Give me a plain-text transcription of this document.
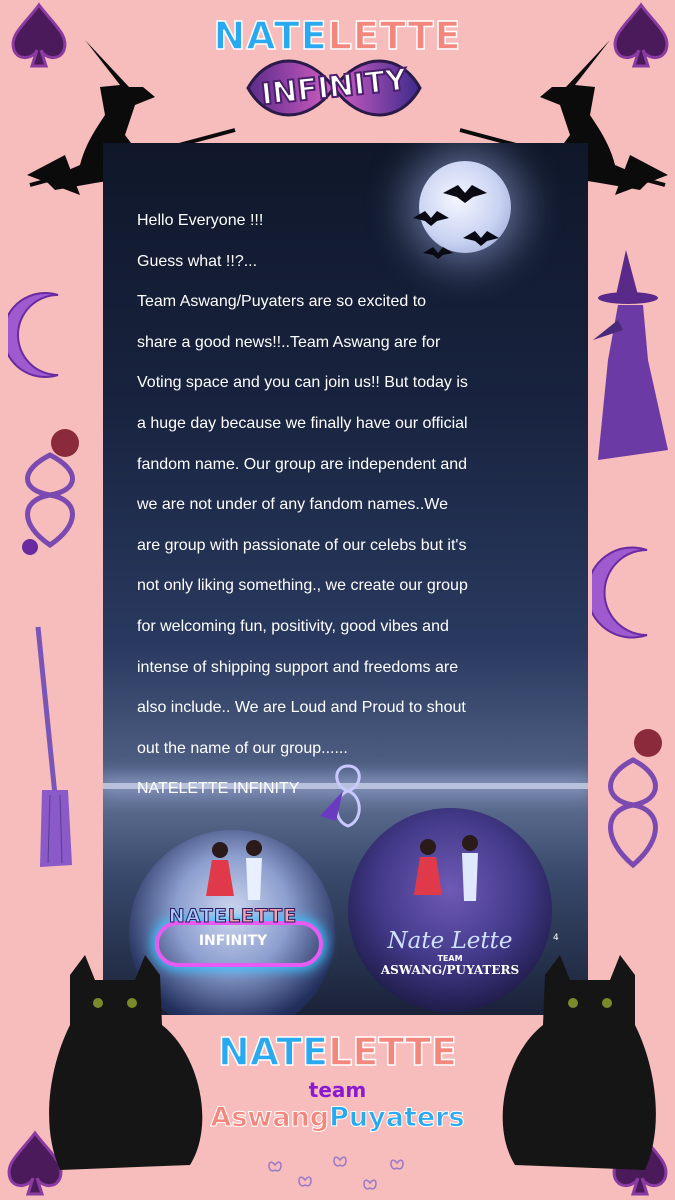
NATELETTE
INFINITY

Hello Everyone !!!

Guess what !!?...

Team Aswang/Puyaters are so excited to

share a good news!!..Team Aswang are for

Voting space and you can join us!! But today is

a huge day because we finally have our official

fandom name. Our group are independent and

we are not under of any fandom names..We

are group with passionate of our celebs but it's

not only liking something., we create our group

for welcoming fun, positivity, good vibes and

intense of shipping support and freedoms are

also include.. We are Loud and Proud to shout

out the name of our group......

NATELETTE INFINITY

NATELETTE
INFINITY	Nate Lette
TEAM
ASWANG/PUYATERS
4
NATELETTE
team
AswangPuyaters
